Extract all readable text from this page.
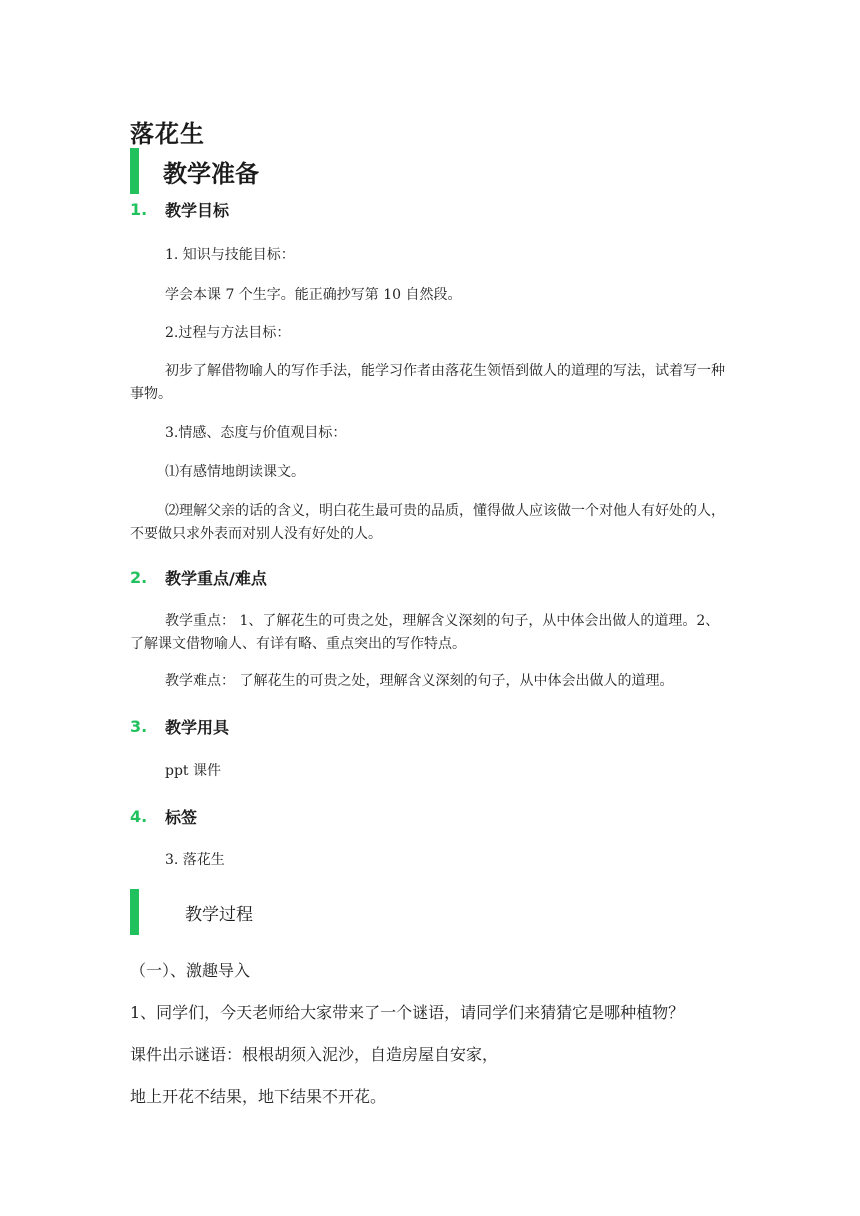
落花生
教学准备
1.	教学目标
1. 知识与技能目标：
学会本课 7 个生字。能正确抄写第 10 自然段。
2.过程与方法目标：
初步了解借物喻人的写作手法，能学习作者由落花生领悟到做人的道理的写法，试着写一种事物。
3.情感、态度与价值观目标：
⑴有感情地朗读课文。
⑵理解父亲的话的含义，明白花生最可贵的品质，懂得做人应该做一个对他人有好处的人，不要做只求外表而对别人没有好处的人。
2.	教学重点/难点
教学重点： 1、了解花生的可贵之处，理解含义深刻的句子，从中体会出做人的道理。2、了解课文借物喻人、有详有略、重点突出的写作特点。
教学难点： 了解花生的可贵之处，理解含义深刻的句子，从中体会出做人的道理。
3.	教学用具
ppt 课件
4.	标签
3. 落花生
教学过程
（一）、激趣导入
1、同学们，今天老师给大家带来了一个谜语，请同学们来猜猜它是哪种植物？
课件出示谜语：根根胡须入泥沙，自造房屋自安家，
地上开花不结果，地下结果不开花。
